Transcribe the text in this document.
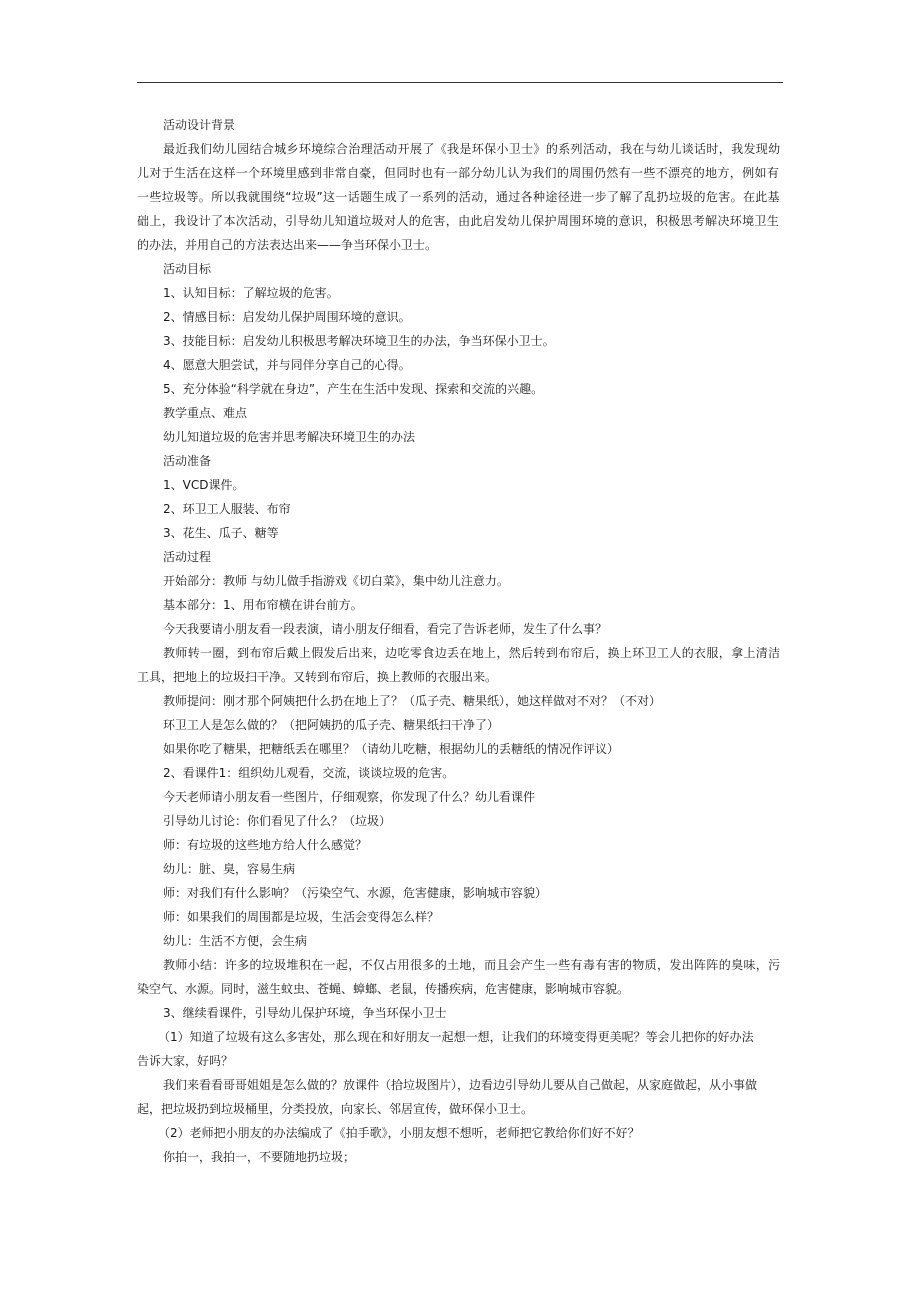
活动设计背景

最近我们幼儿园结合城乡环境综合治理活动开展了《我是环保小卫士》的系列活动，我在与幼儿谈话时，我发现幼

儿对于生活在这样一个环境里感到非常自豪，但同时也有一部分幼儿认为我们的周围仍然有一些不漂亮的地方，例如有

一些垃圾等。所以我就围绕“垃圾”这一话题生成了一系列的活动，通过各种途径进一步了解了乱扔垃圾的危害。在此基

础上，我设计了本次活动，引导幼儿知道垃圾对人的危害，由此启发幼儿保护周围环境的意识，积极思考解决环境卫生

的办法，并用自己的方法表达出来——争当环保小卫士。

活动目标

1、认知目标：了解垃圾的危害。

2、情感目标：启发幼儿保护周围环境的意识。

3、技能目标：启发幼儿积极思考解决环境卫生的办法，争当环保小卫士。

4、愿意大胆尝试，并与同伴分享自己的心得。

5、充分体验“科学就在身边”，产生在生活中发现、探索和交流的兴趣。

教学重点、难点

幼儿知道垃圾的危害并思考解决环境卫生的办法

活动准备

1、VCD课件。

2、环卫工人服装、布帘

3、花生、瓜子、糖等

活动过程

开始部分：教师 与幼儿做手指游戏《切白菜》，集中幼儿注意力。

基本部分：1、用布帘横在讲台前方。

今天我要请小朋友看一段表演，请小朋友仔细看，看完了告诉老师，发生了什么事？

教师转一圈，到布帘后戴上假发后出来，边吃零食边丢在地上，然后转到布帘后，换上环卫工人的衣服，拿上清洁

工具，把地上的垃圾扫干净。又转到布帘后，换上教师的衣服出来。

教师提问：刚才那个阿姨把什么扔在地上了？（瓜子壳、糖果纸），她这样做对不对？（不对）

环卫工人是怎么做的？（把阿姨扔的瓜子壳、糖果纸扫干净了）

如果你吃了糖果，把糖纸丢在哪里？（请幼儿吃糖，根据幼儿的丢糖纸的情况作评议）

2、看课件1：组织幼儿观看，交流，谈谈垃圾的危害。

今天老师请小朋友看一些图片，仔细观察，你发现了什么？幼儿看课件

引导幼儿讨论：你们看见了什么？（垃圾）

师：有垃圾的这些地方给人什么感觉？

幼儿：脏、臭，容易生病

师：对我们有什么影响？（污染空气、水源，危害健康，影响城市容貌）

师：如果我们的周围都是垃圾，生活会变得怎么样？

幼儿：生活不方便，会生病

教师小结：许多的垃圾堆积在一起，不仅占用很多的土地，而且会产生一些有毒有害的物质，发出阵阵的臭味，污

染空气、水源。同时，滋生蚊虫、苍蝇、蟑螂、老鼠，传播疾病，危害健康，影响城市容貌。

3、继续看课件，引导幼儿保护环境，争当环保小卫士

（1）知道了垃圾有这么多害处，那么现在和好朋友一起想一想，让我们的环境变得更美呢？等会儿把你的好办法

告诉大家，好吗？

我们来看看哥哥姐姐是怎么做的？放课件（拾垃圾图片），边看边引导幼儿要从自己做起，从家庭做起，从小事做

起，把垃圾扔到垃圾桶里，分类投放，向家长、邻居宣传，做环保小卫士。

（2）老师把小朋友的办法编成了《拍手歌》，小朋友想不想听，老师把它教给你们好不好？

你拍一，我拍一，不要随地扔垃圾；
